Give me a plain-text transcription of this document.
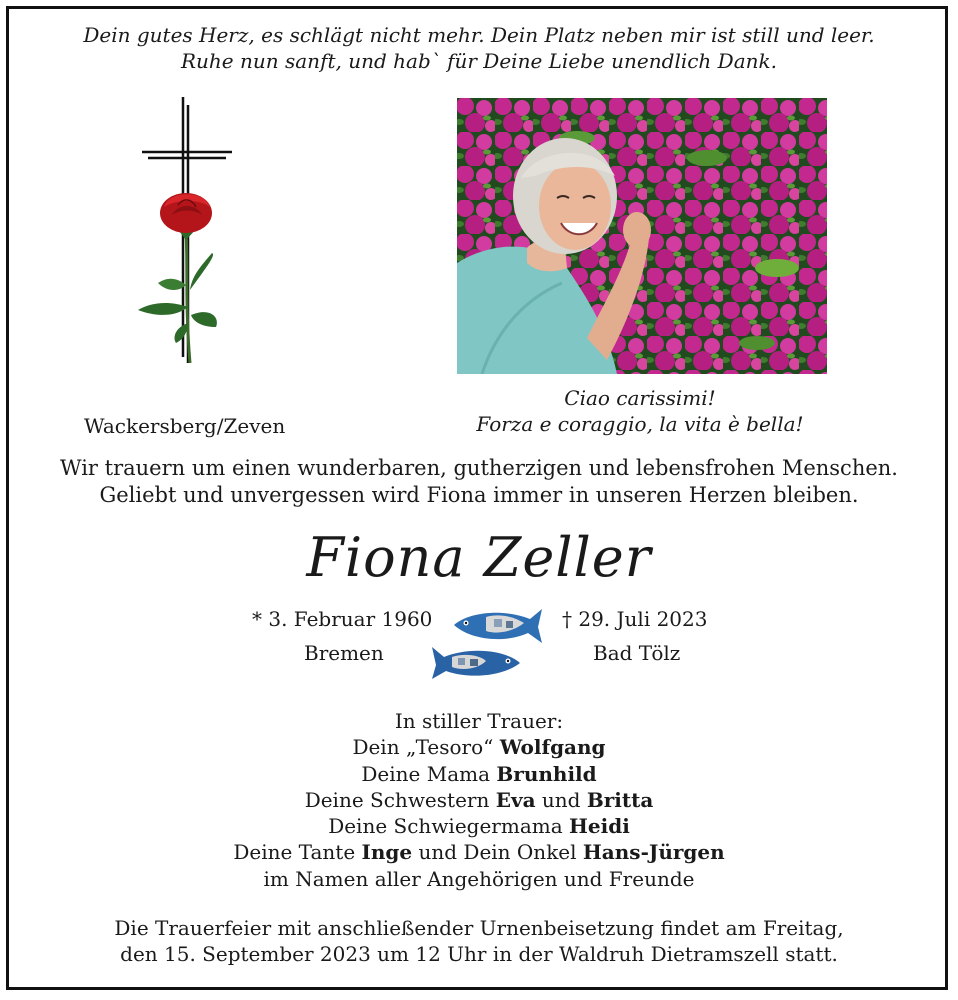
Dein gutes Herz, es schlägt nicht mehr. Dein Platz neben mir ist still und leer.
Ruhe nun sanft, und hab` für Deine Liebe unendlich Dank.
Wackersberg/Zeven
Ciao carissimi!
Forza e coraggio, la vita è bella!
Wir trauern um einen wunderbaren, gutherzigen und lebensfrohen Menschen.
Geliebt und unvergessen wird Fiona immer in unseren Herzen bleiben.
Fiona Zeller
* 3. Februar 1960
Bremen
† 29. Juli 2023
Bad Tölz
In stiller Trauer:
Dein „Tesoro“ Wolfgang
Deine Mama Brunhild
Deine Schwestern Eva und Britta
Deine Schwiegermama Heidi
Deine Tante Inge und Dein Onkel Hans-Jürgen
im Namen aller Angehörigen und Freunde
Die Trauerfeier mit anschließender Urnenbeisetzung findet am Freitag,
den 15. September 2023 um 12 Uhr in der Waldruh Dietramszell statt.
